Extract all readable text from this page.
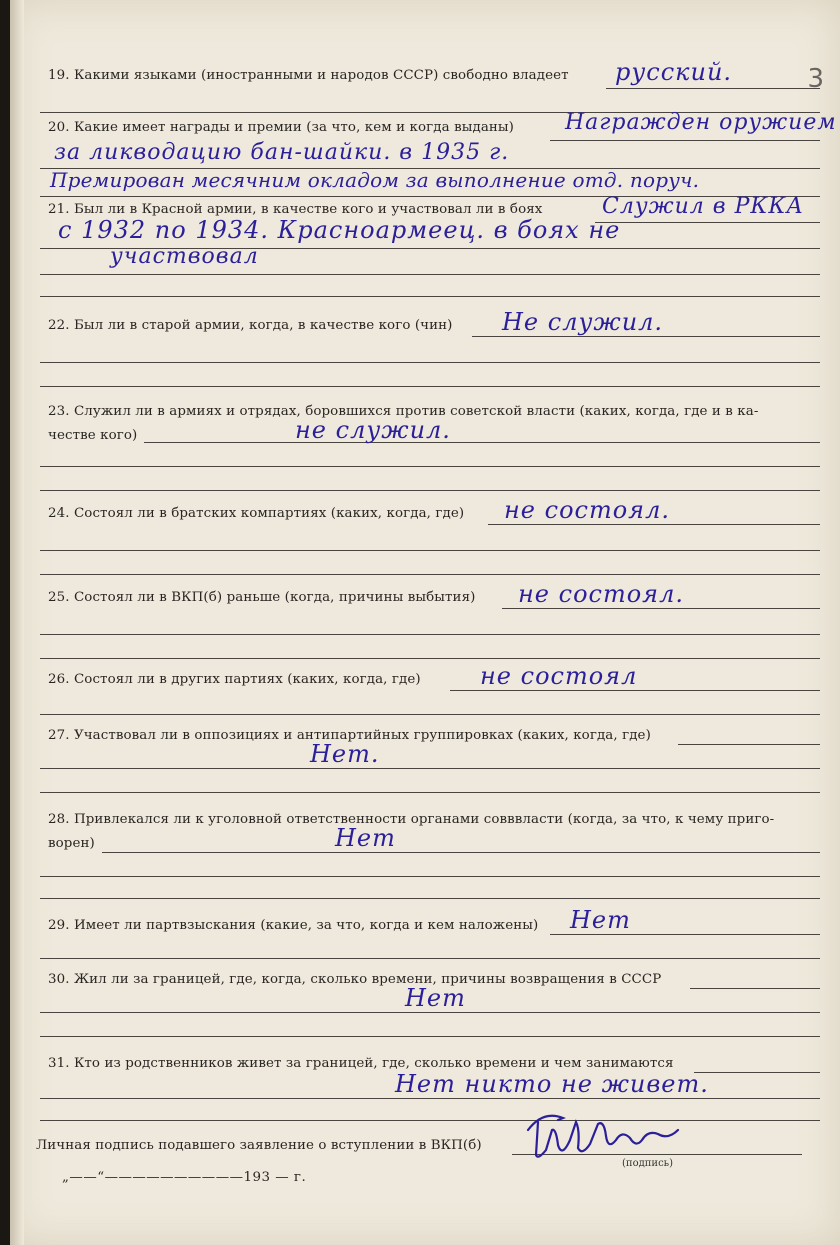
3
19. Какими языками (иностранными и народов СССР) свободно владеет русский.
20. Какие имеет награды и премии (за что, кем и когда выданы) Награжден оружием
за ликводацию бан-шайки. в 1935 г.
Премирован месячним окладом за выполнение отд. поруч.
21. Был ли в Красной армии, в качестве кого и участвовал ли в боях	Служил в РККА
с 1932 по 1934. Красноармеец. в боях не
участвовал
22. Был ли в старой армии, когда, в качестве кого (чин) Не служил.
23. Служил ли в армиях и отрядах, боровшихся против советской власти (каких, когда, где и в ка-
честве кого)	не служил.
24. Состоял ли в братских компартиях (каких, когда, где) не состоял.
25. Состоял ли в ВКП(б) раньше (когда, причины выбытия) не состоял.
26. Состоял ли в других партиях (каких, когда, где) не состоял
27. Участвовал ли в оппозициях и антипартийных группировках (каких, когда, где)
Нет.
28. Привлекался ли к уголовной ответственности органами совввласти (когда, за что, к чему приго-
ворен)	Нет
29. Имеет ли партвзыскания (какие, за что, когда и кем наложены) Нет
30. Жил ли за границей, где, когда, сколько времени, причины возвращения в СССР
Нет
31. Кто из родственников живет за границей, где, сколько времени и чем занимаются
Нет никто не живет.
Личная подпись подавшего заявление о вступлении в ВКП(б)
(подпись)
„——“——————————193 — г.
